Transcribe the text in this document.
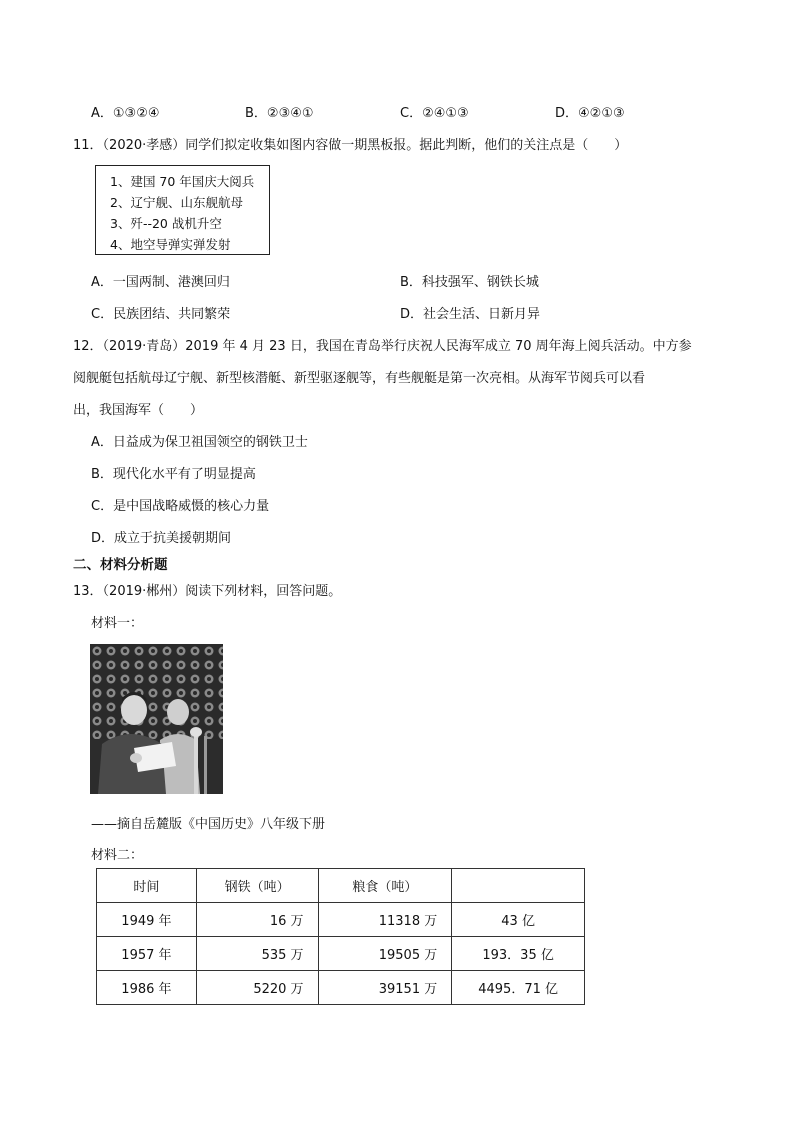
A．①③②④	B．②③④①	C．②④①③	D．④②①③
11．（2020·孝感）同学们拟定收集如图内容做一期黑板报。据此判断，他们的关注点是（　　）
1、建国 70 年国庆大阅兵
2、辽宁舰、山东舰航母
3、歼--20 战机升空
4、地空导弹实弹发射
A．一国两制、港澳回归	B．科技强军、钢铁长城
C．民族团结、共同繁荣	D．社会生活、日新月异
12．（2019·青岛）2019 年 4 月 23 日，我国在青岛举行庆祝人民海军成立 70 周年海上阅兵活动。中方参
阅舰艇包括航母辽宁舰、新型核潜艇、新型驱逐舰等，有些舰艇是第一次亮相。从海军节阅兵可以看
出，我国海军（　　）
A．日益成为保卫祖国领空的钢铁卫士
B．现代化水平有了明显提高
C．是中国战略威慑的核心力量
D．成立于抗美援朝期间
二、材料分析题
13．（2019·郴州）阅读下列材料，回答问题。
材料一：
——摘自岳麓版《中国历史》八年级下册
材料二：
时间	钢铁（吨）	粮食（吨）	
1949 年	16 万	11318 万	43 亿
1957 年	535 万	19505 万	193．35 亿
1986 年	5220 万	39151 万	4495．71 亿
